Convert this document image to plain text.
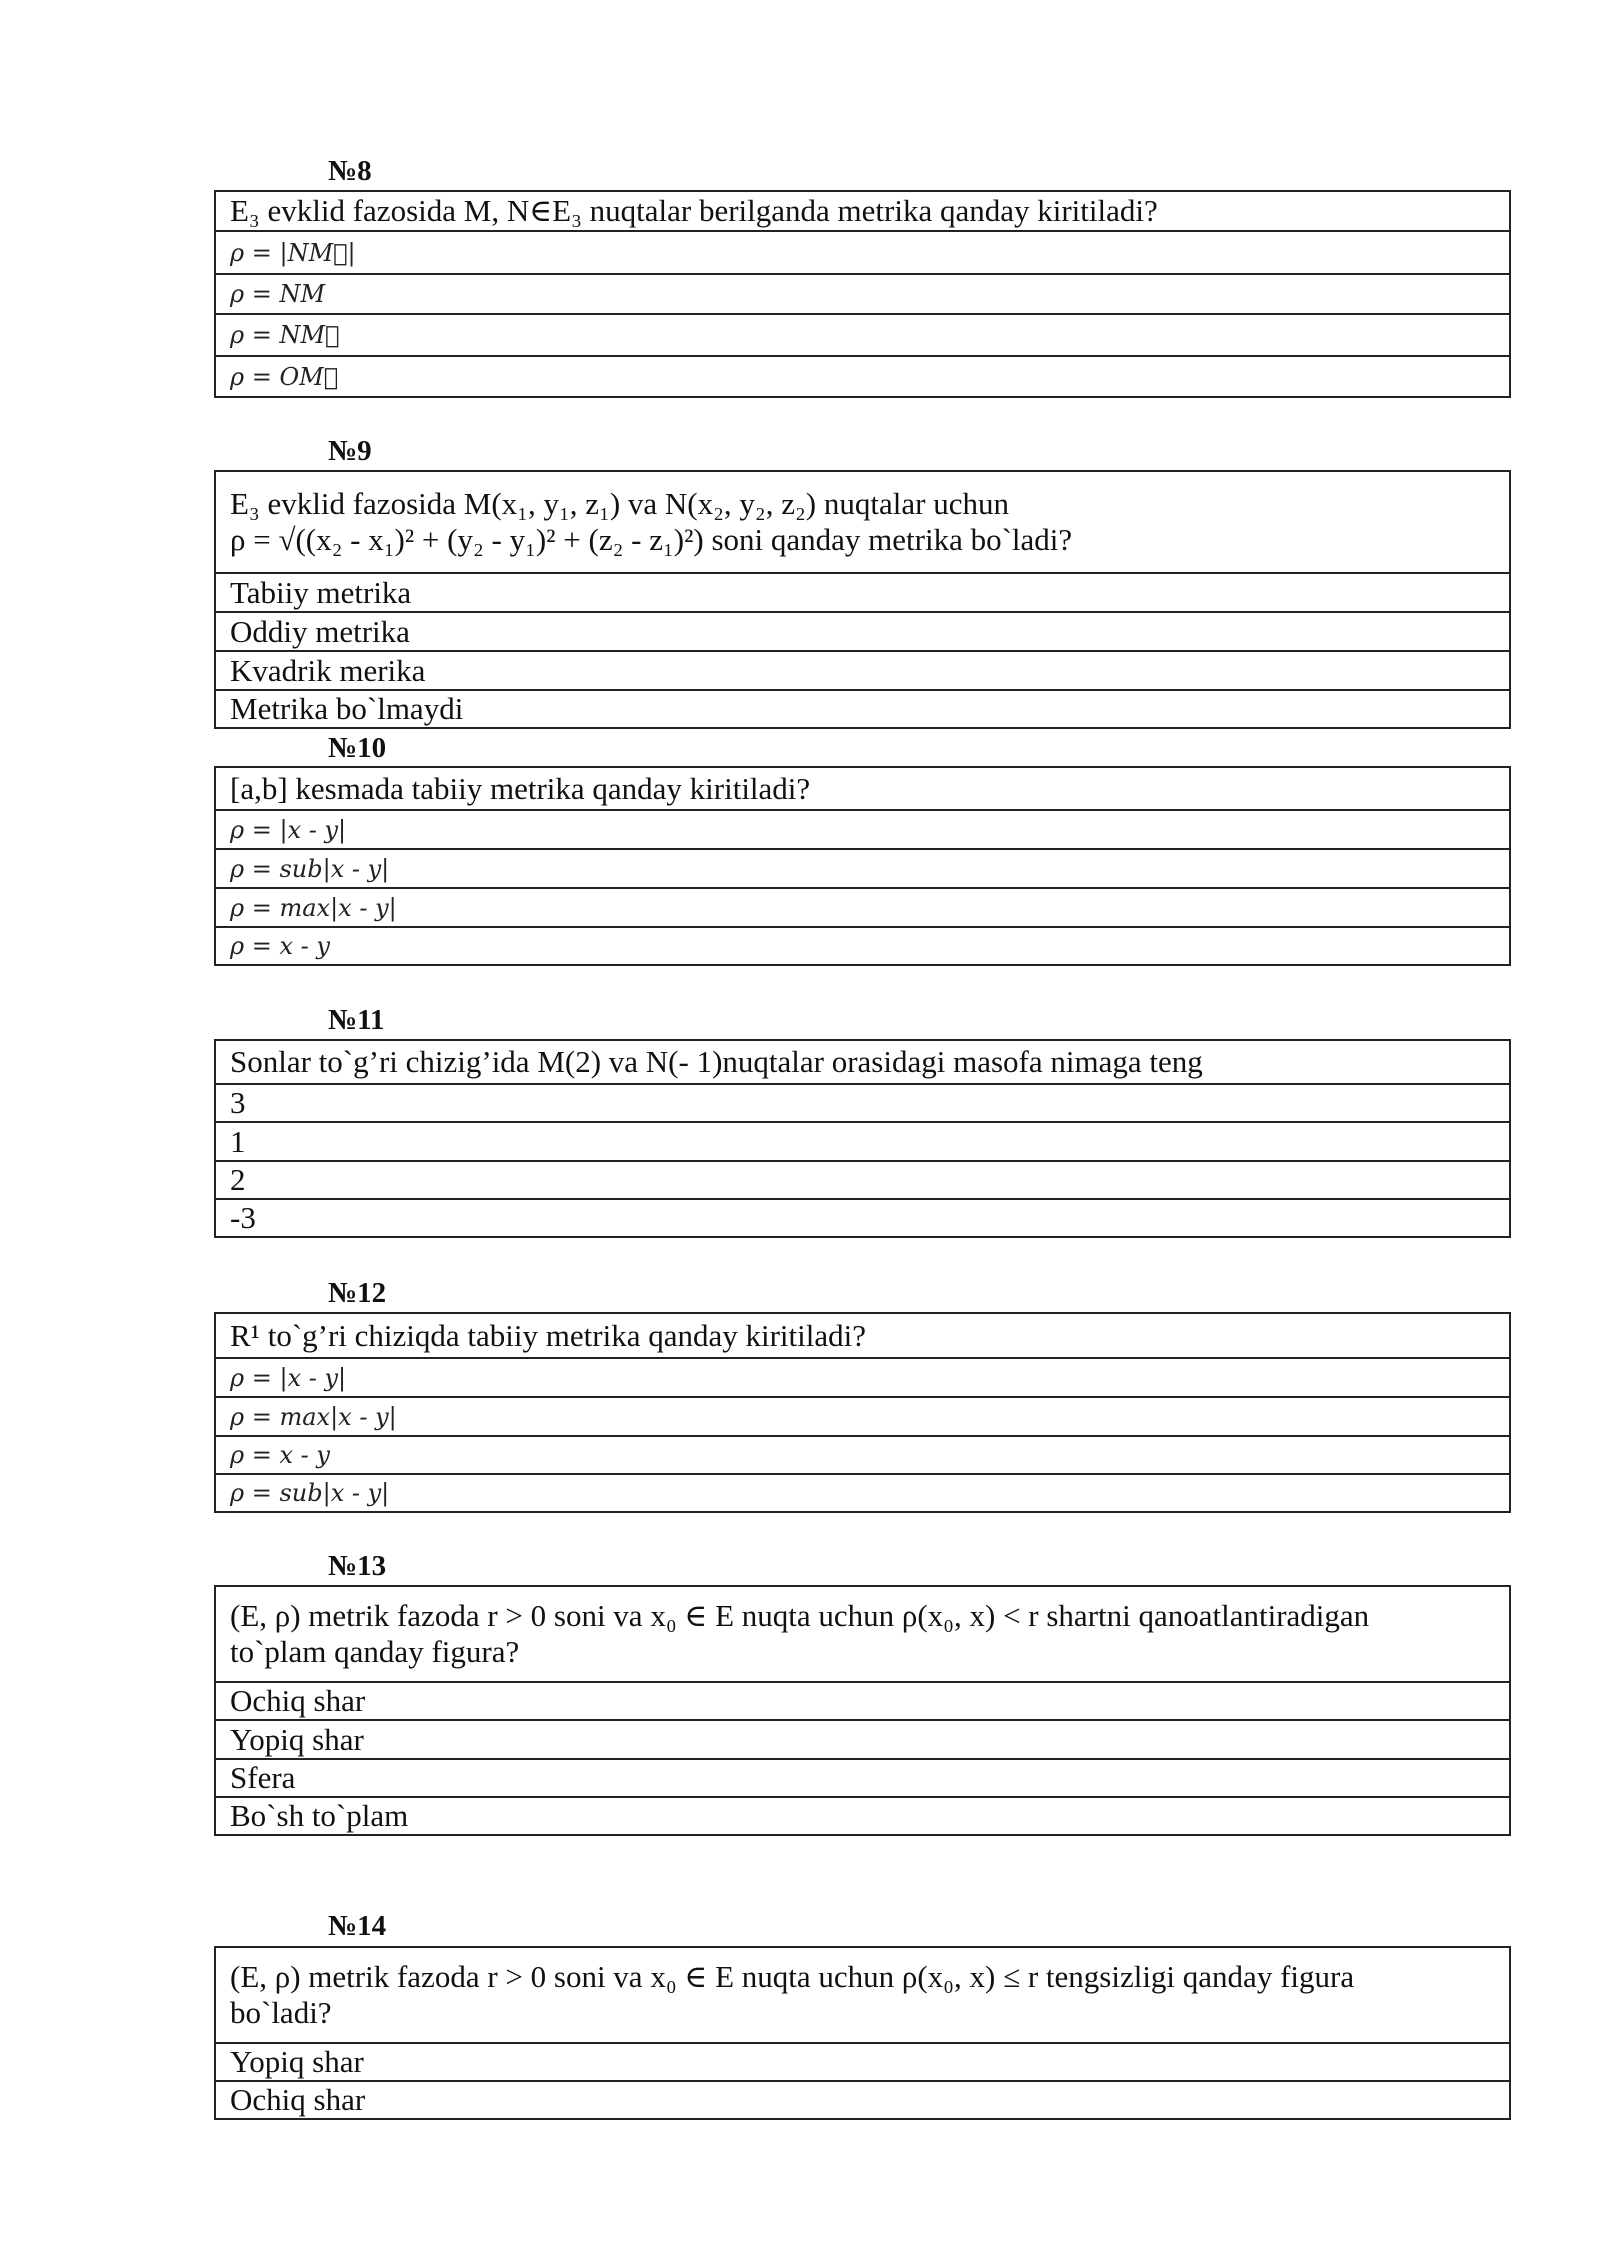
№8
E₃ evklid fazosida M, N∈E₃ nuqtalar berilganda metrika qanday kiritiladi?
ρ = |NM⃗|
ρ = NM
ρ = NM⃗
ρ = OM⃗
№9
E₃ evklid fazosida M(x₁, y₁, z₁) va N(x₂, y₂, z₂) nuqtalar uchun
ρ = √((x₂ - x₁)² + (y₂ - y₁)² + (z₂ - z₁)²) soni qanday metrika bo`ladi?
Tabiiy metrika
Oddiy metrika
Kvadrik merika
Metrika bo`lmaydi
№10
[a,b] kesmada tabiiy metrika qanday kiritiladi?
ρ = |x - y|
ρ = sub|x - y|
ρ = max|x - y|
ρ = x - y
№11
Sonlar to`g’ri chizig’ida M(2) va N(- 1)nuqtalar orasidagi masofa nimaga teng
3
1
2
-3
№12
R¹ to`g’ri chiziqda tabiiy metrika qanday kiritiladi?
ρ = |x - y|
ρ = max|x - y|
ρ = x - y
ρ = sub|x - y|
№13
(E, ρ) metrik fazoda r > 0 soni va x₀ ∈ E nuqta uchun ρ(x₀, x) < r shartni qanoatlantiradigan
to`plam qanday figura?
Ochiq shar
Yopiq shar
Sfera
Bo`sh to`plam
№14
(E, ρ) metrik fazoda r > 0 soni va x₀ ∈ E nuqta uchun ρ(x₀, x) ≤ r tengsizligi qanday figura
bo`ladi?
Yopiq shar
Ochiq shar
